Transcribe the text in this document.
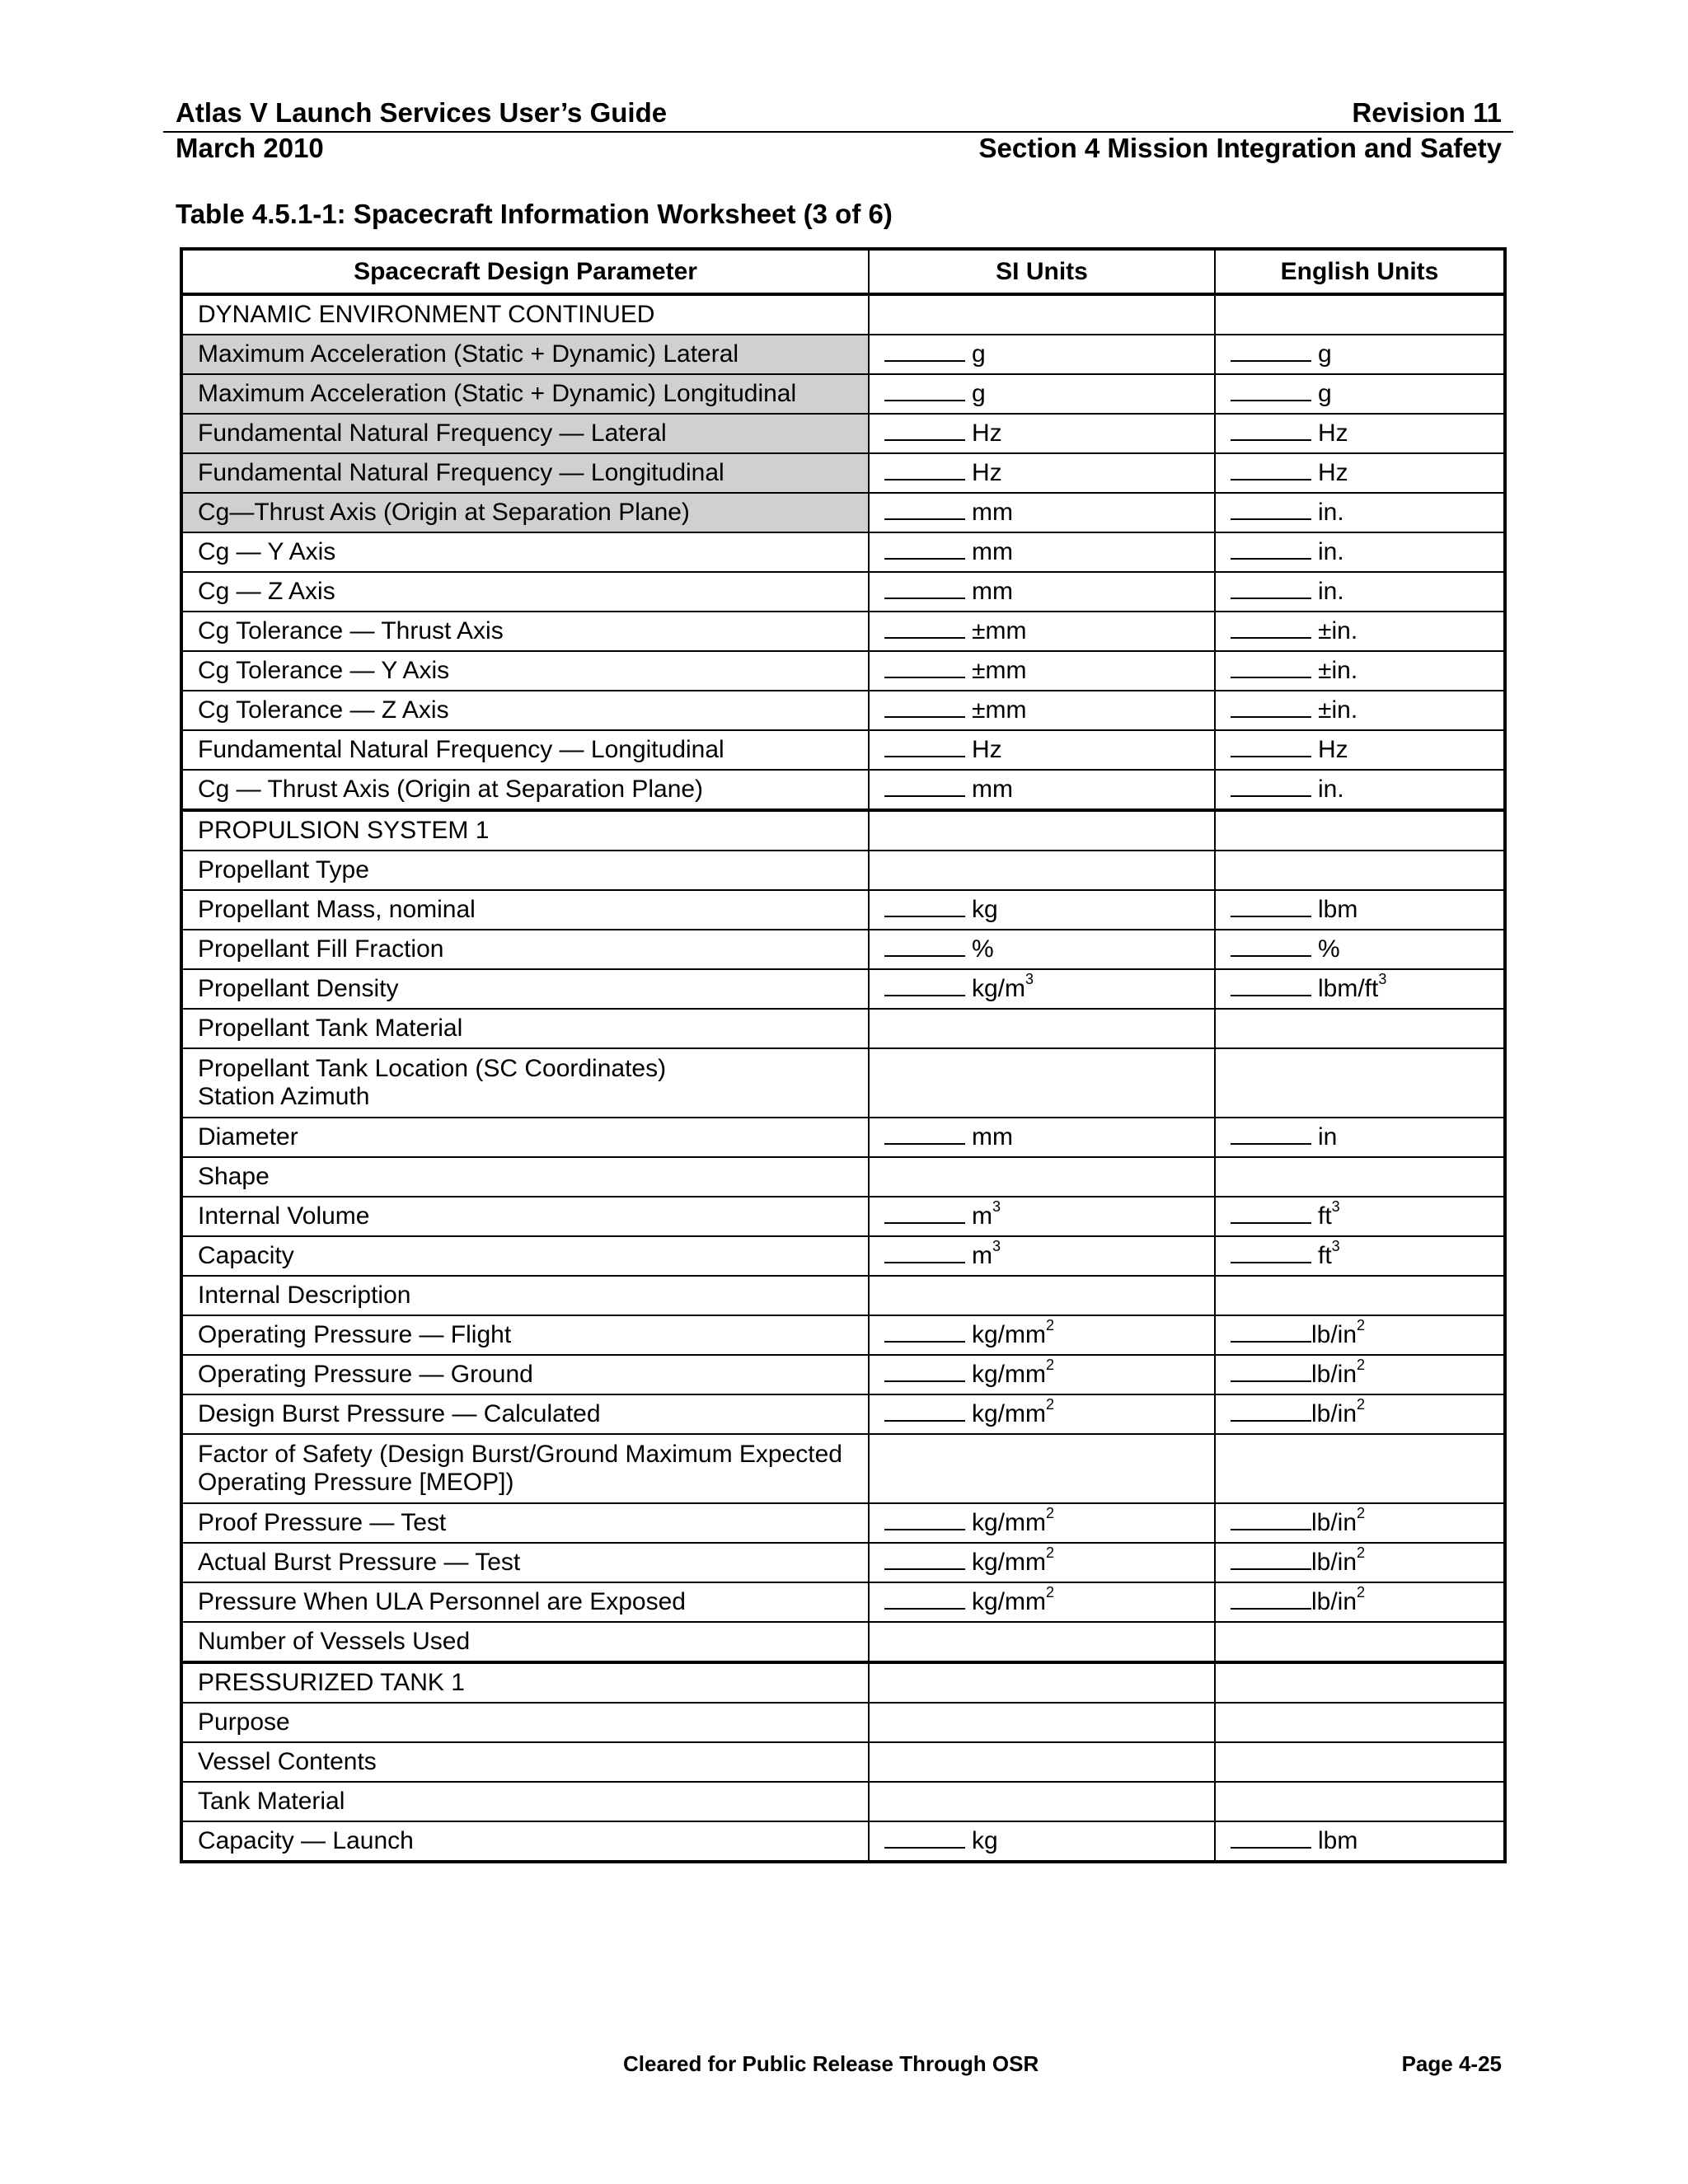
Atlas V Launch Services User’s Guide	Revision 11
March 2010	Section 4 Mission Integration and Safety
Table 4.5.1-1: Spacecraft Information Worksheet (3 of 6)
Spacecraft Design Parameter	SI Units	English Units
DYNAMIC ENVIRONMENT CONTINUED		
Maximum Acceleration (Static + Dynamic) Lateral	g	g
Maximum Acceleration (Static + Dynamic) Longitudinal	g	g
Fundamental Natural Frequency — Lateral	Hz	Hz
Fundamental Natural Frequency — Longitudinal	Hz	Hz
Cg—Thrust Axis (Origin at Separation Plane)	mm	in.
Cg — Y Axis	mm	in.
Cg — Z Axis	mm	in.
Cg Tolerance — Thrust Axis	±mm	±in.
Cg Tolerance — Y Axis	±mm	±in.
Cg Tolerance — Z Axis	±mm	±in.
Fundamental Natural Frequency — Longitudinal	Hz	Hz
Cg — Thrust Axis (Origin at Separation Plane)	mm	in.
PROPULSION SYSTEM 1		
Propellant Type		
Propellant Mass, nominal	kg	lbm
Propellant Fill Fraction	%	%
Propellant Density	$kg/m^3$	lbm/$ft^3$
Propellant Tank Material		
Propellant Tank Location (SC Coordinates)
Station Azimuth		
Diameter	mm	in
Shape		
Internal Volume	$m^3$	$ft^3$
Capacity	$m^3$	$ft^3$
Internal Description		
Operating Pressure — Flight	$kg/mm^2$	$lb/in^2$
Operating Pressure — Ground	$kg/mm^2$	$lb/in^2$
Design Burst Pressure — Calculated	$kg/mm^2$	$lb/in^2$
Factor of Safety (Design Burst/Ground Maximum Expected
Operating Pressure [MEOP])		
Proof Pressure — Test	$kg/mm^2$	$lb/in^2$
Actual Burst Pressure — Test	$kg/mm^2$	$lb/in^2$
Pressure When ULA Personnel are Exposed	$kg/mm^2$	$lb/in^2$
Number of Vessels Used		
PRESSURIZED TANK 1		
Purpose		
Vessel Contents		
Tank Material		
Capacity — Launch	kg	lbm
Cleared for Public Release Through OSR	Page 4-25
